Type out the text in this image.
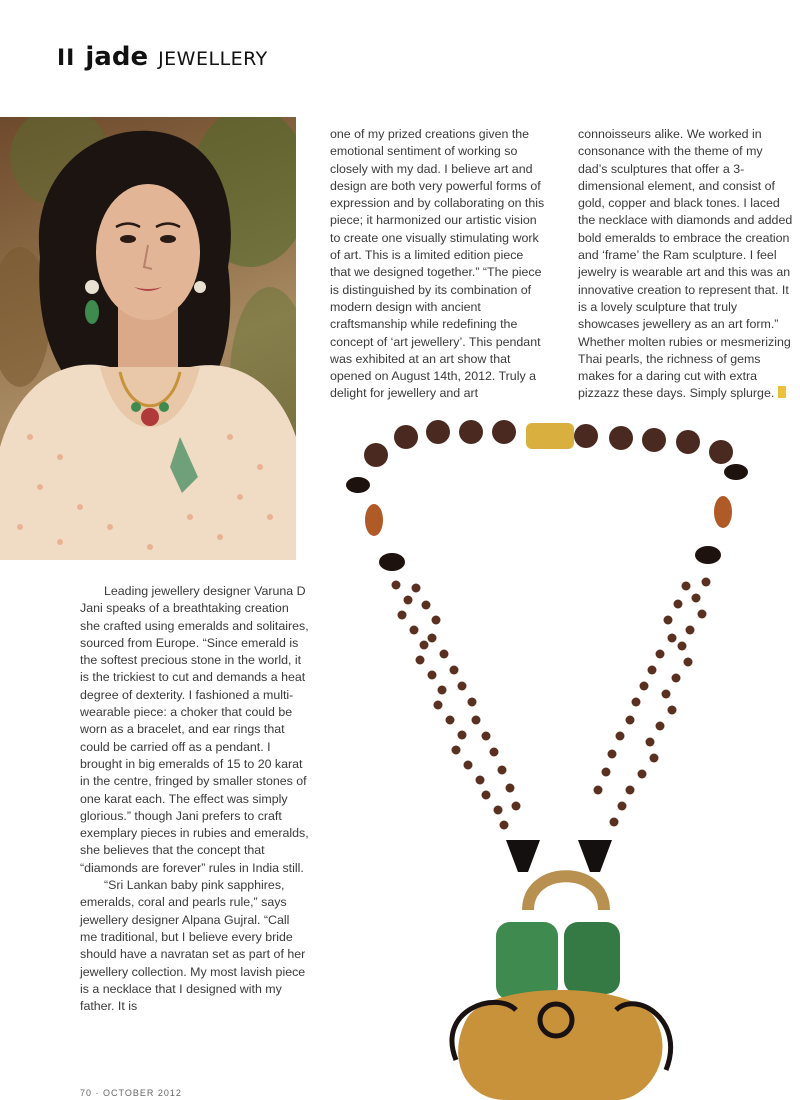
II jade JEWELLERY

Leading jewellery designer Varuna D Jani speaks of a breathtaking creation she crafted using emeralds and solitaires, sourced from Europe. “Since emerald is the softest precious stone in the world, it is the trickiest to cut and demands a heat degree of dexterity. I fashioned a multi-wearable piece: a choker that could be worn as a bracelet, and ear rings that could be carried off as a pendant. I brought in big emeralds of 15 to 20 karat in the centre, fringed by smaller stones of one karat each. The effect was simply glorious.” though Jani prefers to craft exemplary pieces in rubies and emeralds, she believes that the concept that “diamonds are forever” rules in India still.

“Sri Lankan baby pink sapphires, emeralds, coral and pearls rule,” says jewellery designer Alpana Gujral. “Call me traditional, but I believe every bride should have a navratan set as part of her jewellery collection. My most lavish piece is a necklace that I designed with my father. It is

one of my prized creations given the emotional sentiment of working so closely with my dad. I believe art and design are both very powerful forms of expression and by collaborating on this piece; it harmonized our artistic vision to create one visually stimulating work of art. This is a limited edition piece that we designed together.” “The piece is distinguished by its combination of modern design with ancient craftsmanship while redefining the concept of ‘art jewellery’. This pendant was exhibited at an art show that opened on August 14th, 2012. Truly a delight for jewellery and art

connoisseurs alike. We worked in consonance with the theme of my dad’s sculptures that offer a 3-dimensional element, and consist of gold, copper and black tones. I laced the necklace with diamonds and added bold emeralds to embrace the creation and ‘frame’ the Ram sculpture. I feel jewelry is wearable art and this was an innovative creation to represent that. It is a lovely sculpture that truly showcases jewellery as an art form.” Whether molten rubies or mesmerizing Thai pearls, the richness of gems makes for a daring cut with extra pizzazz these days. Simply splurge.

70 · OCTOBER 2012
